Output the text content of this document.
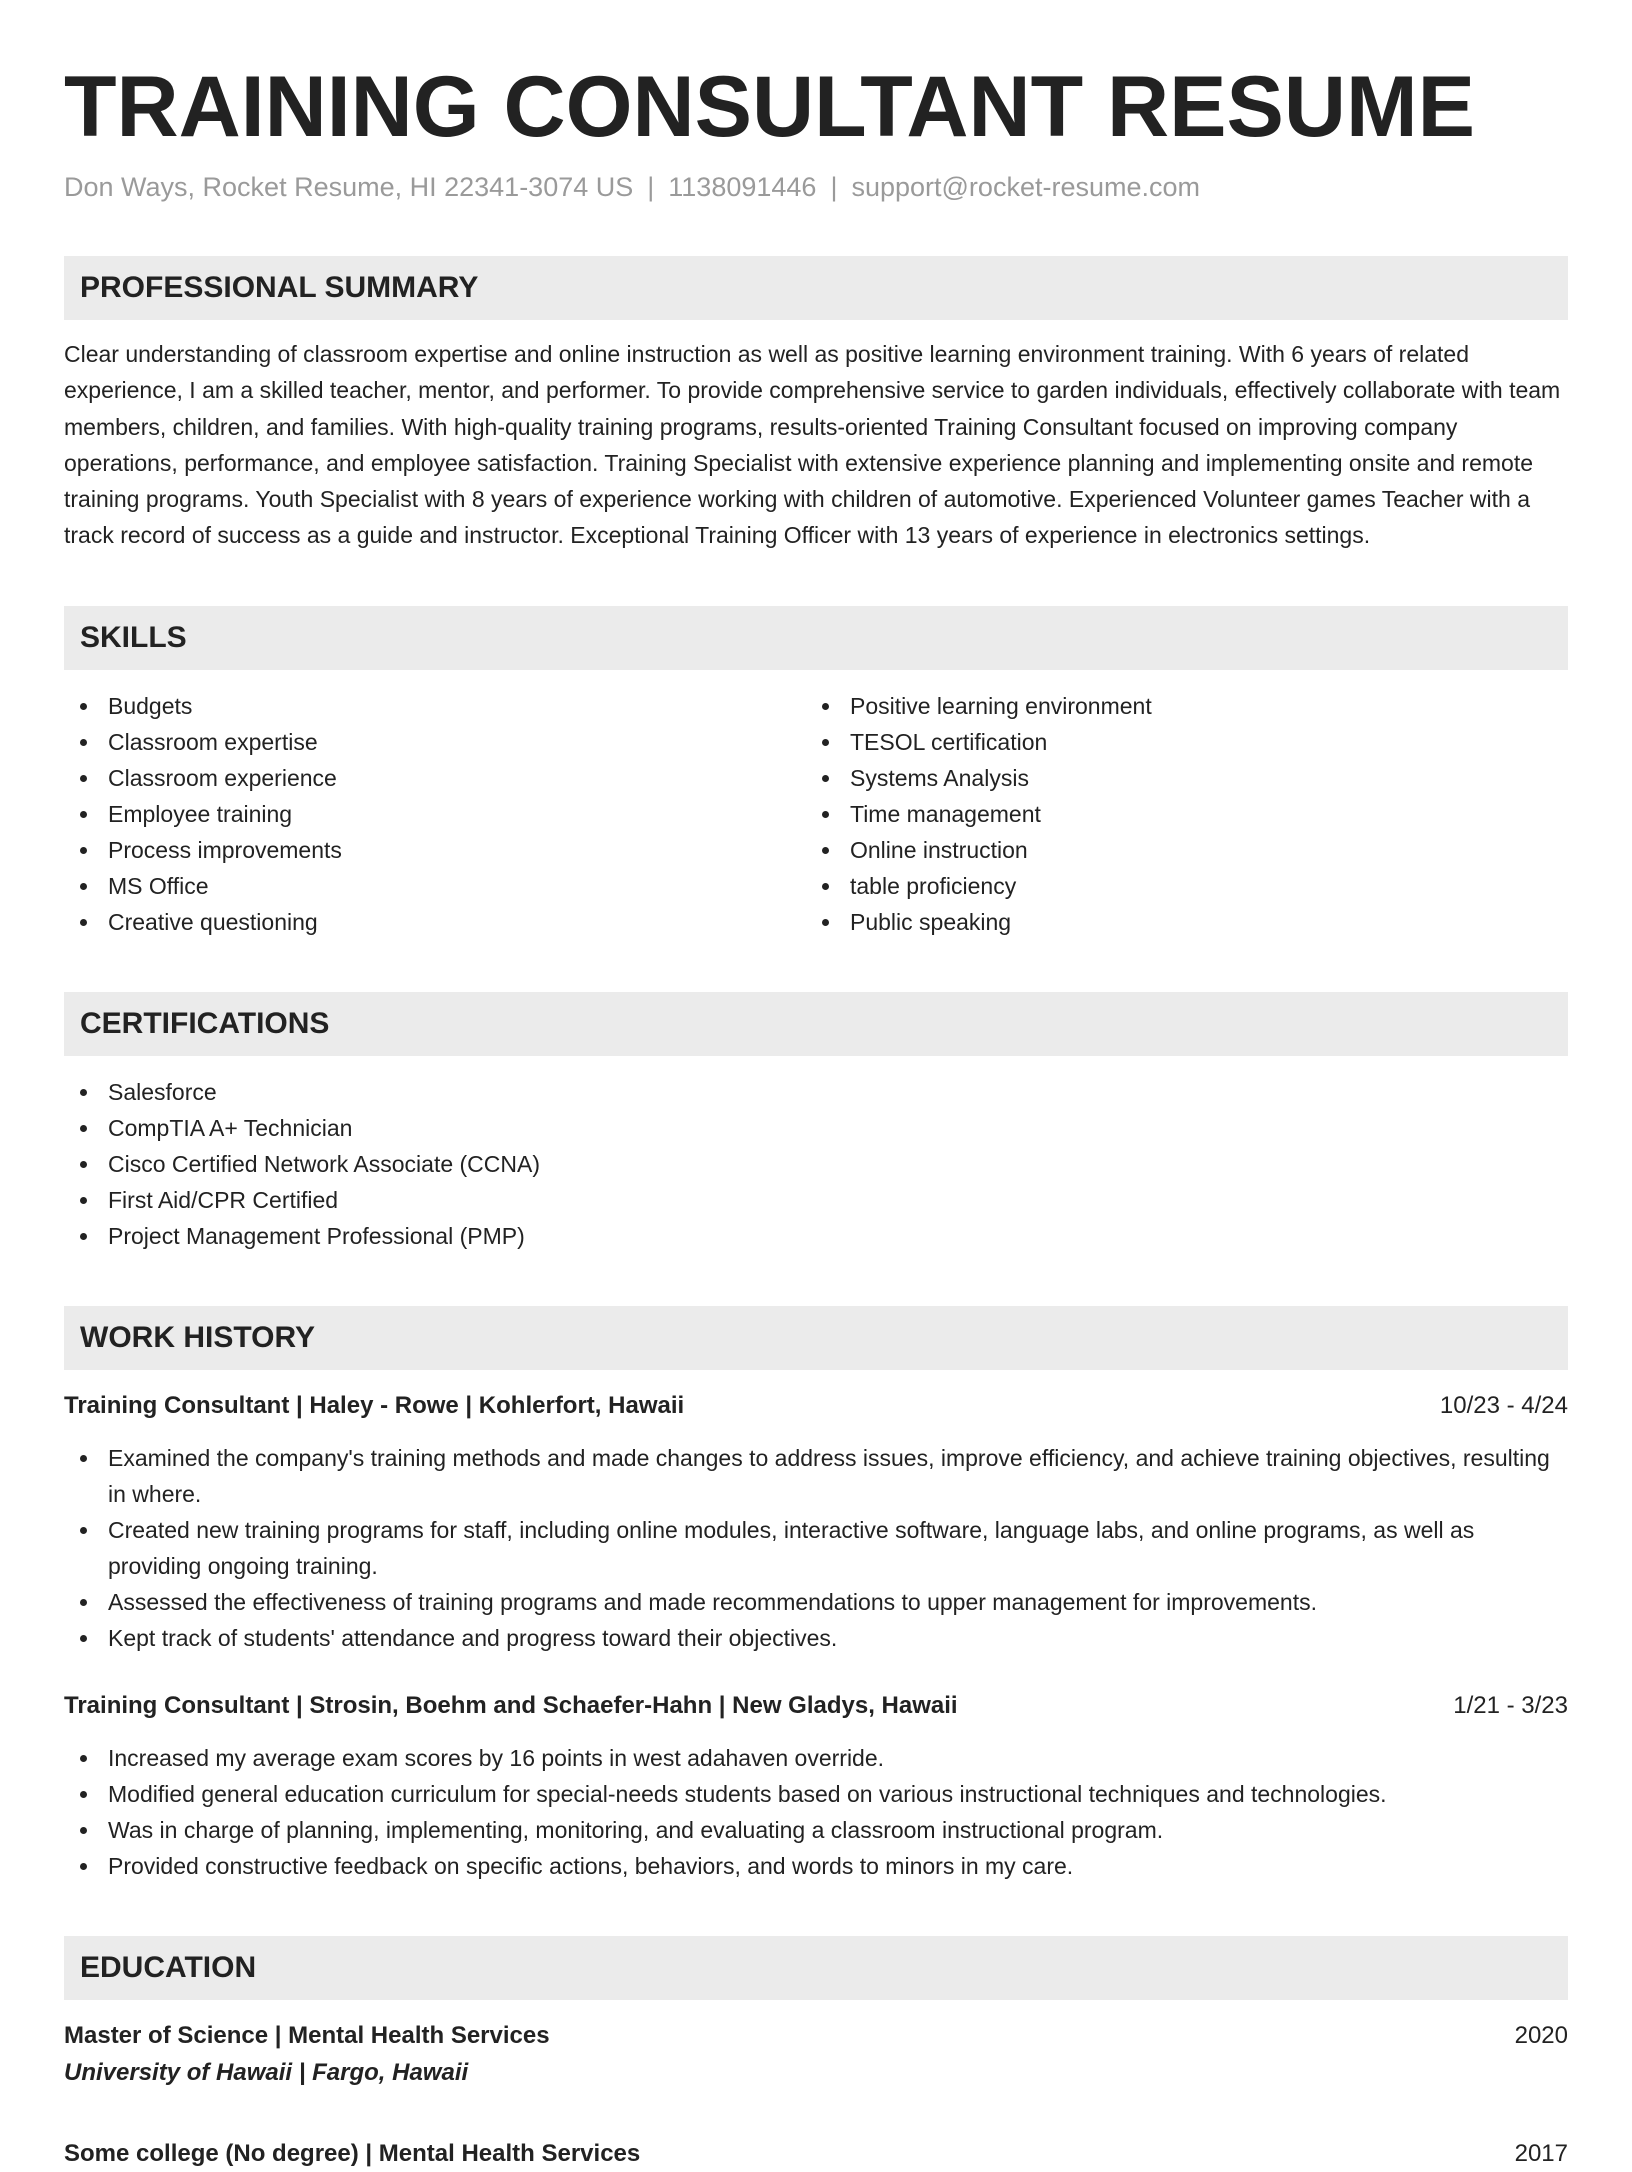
TRAINING CONSULTANT RESUME
Don Ways, Rocket Resume, HI 22341-3074 US | 1138091446 | support@rocket-resume.com
PROFESSIONAL SUMMARY
Clear understanding of classroom expertise and online instruction as well as positive learning environment training. With 6 years of related experience, I am a skilled teacher, mentor, and performer. To provide comprehensive service to garden individuals, effectively collaborate with team members, children, and families. With high-quality training programs, results-oriented Training Consultant focused on improving company operations, performance, and employee satisfaction. Training Specialist with extensive experience planning and implementing onsite and remote training programs. Youth Specialist with 8 years of experience working with children of automotive. Experienced Volunteer games Teacher with a track record of success as a guide and instructor. Exceptional Training Officer with 13 years of experience in electronics settings.
SKILLS
Budgets
Classroom expertise
Classroom experience
Employee training
Process improvements
MS Office
Creative questioning
Positive learning environment
TESOL certification
Systems Analysis
Time management
Online instruction
table proficiency
Public speaking
CERTIFICATIONS
Salesforce
CompTIA A+ Technician
Cisco Certified Network Associate (CCNA)
First Aid/CPR Certified
Project Management Professional (PMP)
WORK HISTORY
Training Consultant | Haley - Rowe | Kohlerfort, Hawaii	10/23 - 4/24
Examined the company's training methods and made changes to address issues, improve efficiency, and achieve training objectives, resulting in where.
Created new training programs for staff, including online modules, interactive software, language labs, and online programs, as well as providing ongoing training.
Assessed the effectiveness of training programs and made recommendations to upper management for improvements.
Kept track of students' attendance and progress toward their objectives.
Training Consultant | Strosin, Boehm and Schaefer-Hahn | New Gladys, Hawaii	1/21 - 3/23
Increased my average exam scores by 16 points in west adahaven override.
Modified general education curriculum for special-needs students based on various instructional techniques and technologies.
Was in charge of planning, implementing, monitoring, and evaluating a classroom instructional program.
Provided constructive feedback on specific actions, behaviors, and words to minors in my care.
EDUCATION
Master of Science | Mental Health Services	2020
University of Hawaii | Fargo, Hawaii
Some college (No degree) | Mental Health Services	2017
